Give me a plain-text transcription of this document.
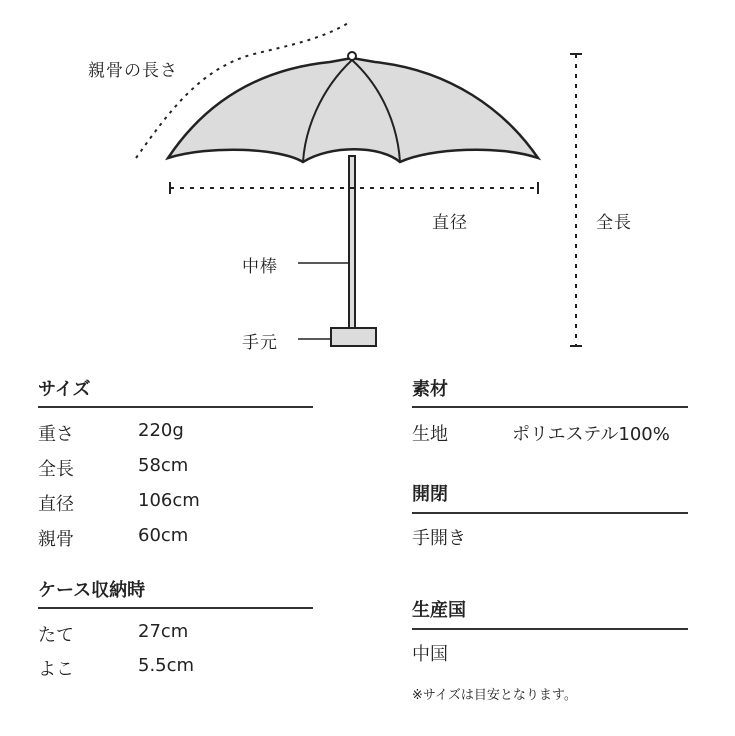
親骨の長さ
直径	全長
中棒
手元
サイズ
重さ	220g
全長	58cm
直径	106cm
親骨	60cm
ケース収納時
たて	27cm
よこ	5.5cm
素材
生地	ポリエステル100%
開閉
手開き
生産国
中国
※サイズは目安となります。
